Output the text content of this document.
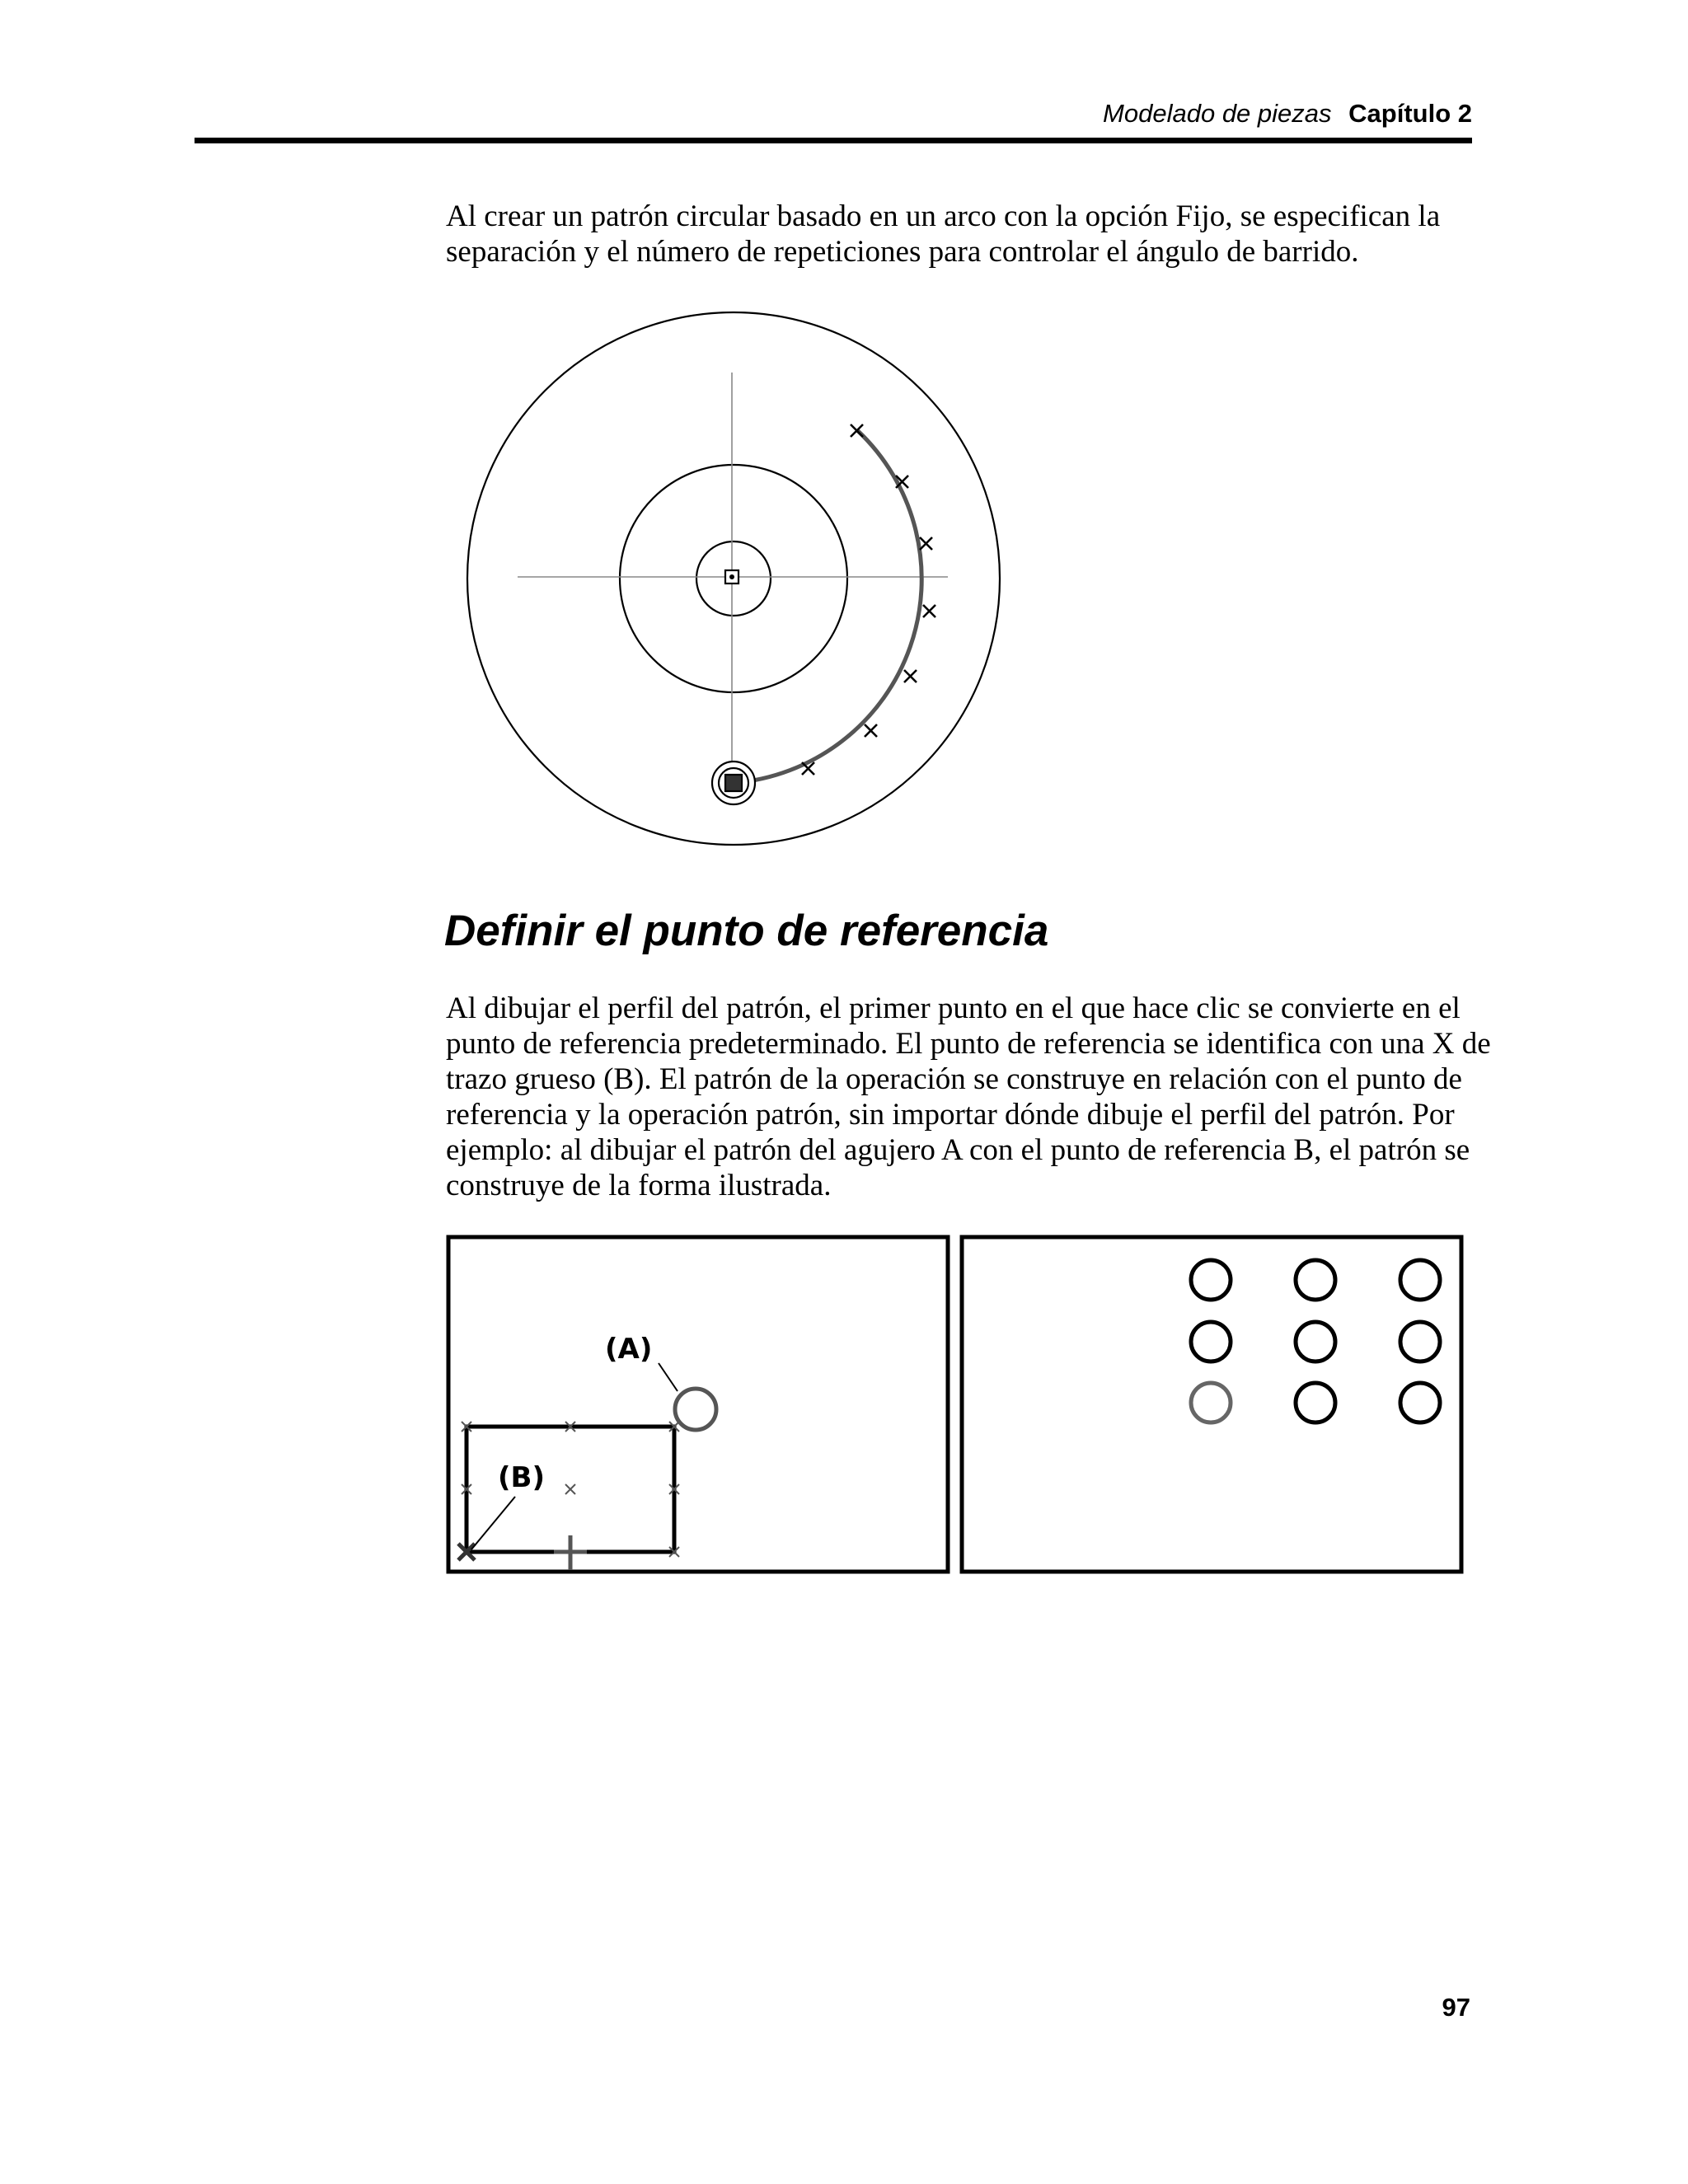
Modelado de piezas Capítulo 2

Al crear un patrón circular basado en un arco con la opción Fijo, se especifican la separación y el número de repeticiones para controlar el ángulo de barrido.

Definir el punto de referencia

Al dibujar el perfil del patrón, el primer punto en el que hace clic se convierte en el punto de referencia predeterminado. El punto de referencia se identifica con una X de trazo grueso (B). El patrón de la operación se construye en relación con el punto de referencia y la operación patrón, sin importar dónde dibuje el perfil del patrón. Por ejemplo: al dibujar el patrón del agujero A con el punto de referencia B, el patrón se construye de la forma ilustrada.

(A)
(B)
97
